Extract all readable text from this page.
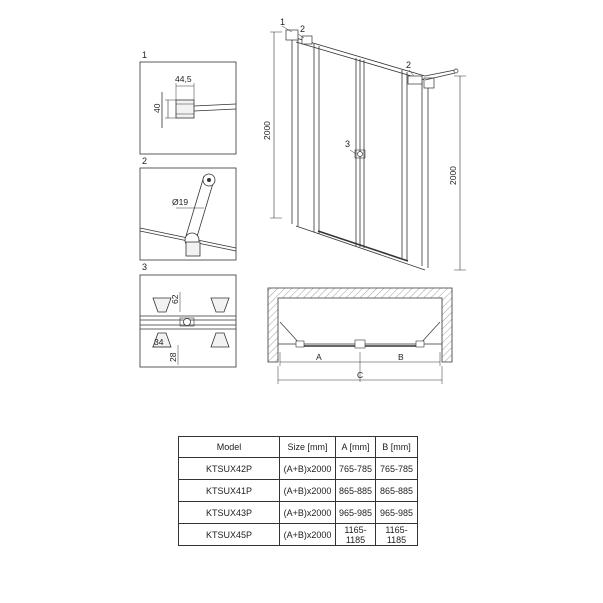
1
44,5
40
2
Ø19
3
62
34
28
2000
2000
1
2
2
3
A	B
C
Model	Size [mm]	A [mm]	B [mm]
KTSUX42P	(A+B)x2000	765-785	765-785
KTSUX41P	(A+B)x2000	865-885	865-885
KTSUX43P	(A+B)x2000	965-985	965-985
KTSUX45P	(A+B)x2000	1165-1185	1165-1185
